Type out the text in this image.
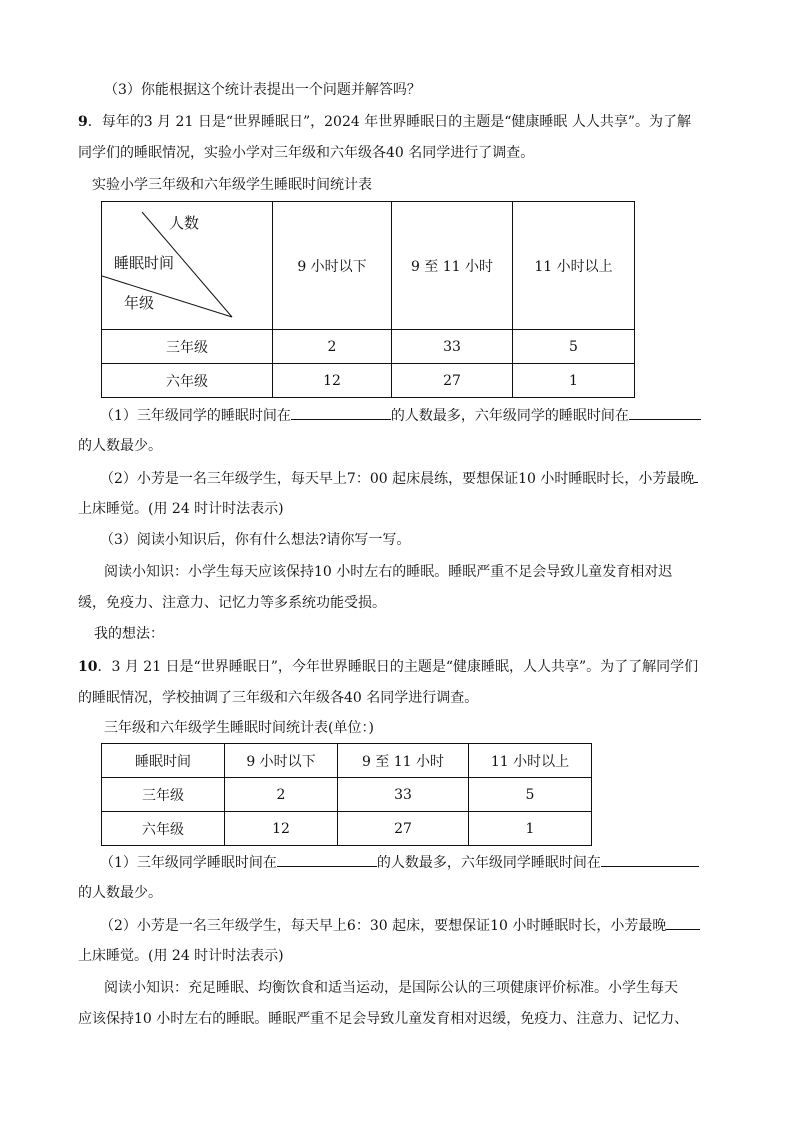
（3）你能根据这个统计表提出一个问题并解答吗？
9．每年的3 月 21 日是“世界睡眠日”，2024 年世界睡眠日的主题是“健康睡眠 人人共享”。为了解
同学们的睡眠情况，实验小学对三年级和六年级各40 名同学进行了调查。
实验小学三年级和六年级学生睡眠时间统计表
人数
睡眠时间
年级	9 小时以下	9 至 11 小时	11 小时以上
三年级	2	33	5
六年级	12	27	1
（1）三年级同学的睡眠时间在	的人数最多，六年级同学的睡眠时间在
的人数最少。
（2）小芳是一名三年级学生，每天早上7：00 起床晨练，要想保证10 小时睡眠时长，小芳最晚
上床睡觉。(用 24 时计时法表示)
（3）阅读小知识后，你有什么想法?请你写一写。
阅读小知识：小学生每天应该保持10 小时左右的睡眠。睡眠严重不足会导致儿童发育相对迟
缓，免疫力、注意力、记忆力等多系统功能受损。
我的想法：
10．3 月 21 日是“世界睡眠日”，今年世界睡眠日的主题是“健康睡眠，人人共享”。为了了解同学们
的睡眠情况，学校抽调了三年级和六年级各40 名同学进行调查。
三年级和六年级学生睡眠时间统计表(单位：)
睡眠时间	9 小时以下	9 至 11 小时	11 小时以上
三年级	2	33	5
六年级	12	27	1
（1）三年级同学睡眠时间在	的人数最多，六年级同学睡眠时间在
的人数最少。
（2）小芳是一名三年级学生，每天早上6：30 起床，要想保证10 小时睡眠时长，小芳最晚
上床睡觉。(用 24 时计时法表示)
阅读小知识：充足睡眠、均衡饮食和适当运动，是国际公认的三项健康评价标准。小学生每天
应该保持10 小时左右的睡眠。睡眠严重不足会导致儿童发育相对迟缓，免疫力、注意力、记忆力、
